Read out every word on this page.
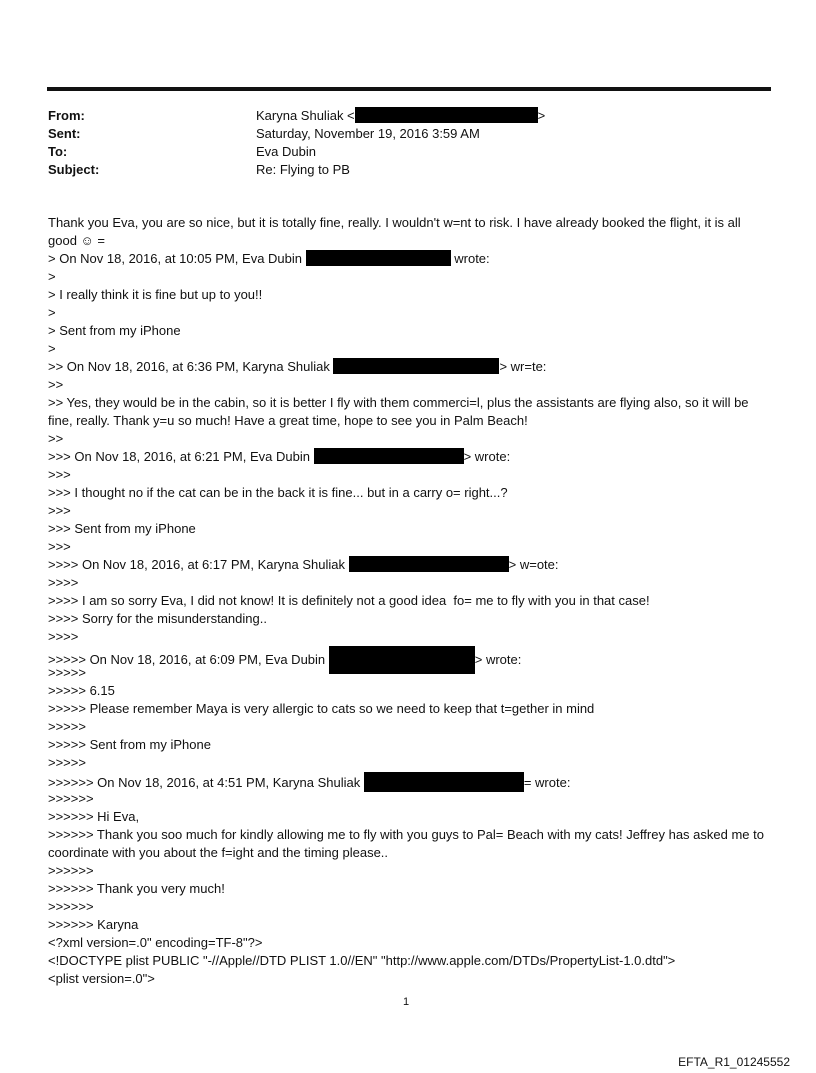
From:	Karyna Shuliak <	>
Sent:	Saturday, November 19, 2016 3:59 AM
To:	Eva Dubin
Subject:	Re: Flying to PB
Thank you Eva, you are so nice, but it is totally fine, really. I wouldn't w=nt to risk. I have already booked the flight, it is all good ☺ =
> On Nov 18, 2016, at 10:05 PM, Eva Dubin	wrote:
>
> I really think it is fine but up to you!!
>
> Sent from my iPhone
>
>> On Nov 18, 2016, at 6:36 PM, Karyna Shuliak	> wr=te:
>>
>> Yes, they would be in the cabin, so it is better I fly with them commerci=l, plus the assistants are flying also, so it will be fine, really. Thank y=u so much! Have a great time, hope to see you in Palm Beach!
>>
>>> On Nov 18, 2016, at 6:21 PM, Eva Dubin	> wrote:
>>>
>>> I thought no if the cat can be in the back it is fine... but in a carry o= right...?
>>>
>>> Sent from my iPhone
>>>
>>>> On Nov 18, 2016, at 6:17 PM, Karyna Shuliak	> w=ote:
>>>>
>>>> I am so sorry Eva, I did not know! It is definitely not a good idea  fo= me to fly with you in that case!
>>>> Sorry for the misunderstanding..
>>>>
>>>>> On Nov 18, 2016, at 6:09 PM, Eva Dubin	> wrote:
>>>>>
>>>>> 6.15
>>>>> Please remember Maya is very allergic to cats so we need to keep that t=gether in mind
>>>>>
>>>>> Sent from my iPhone
>>>>>
>>>>>> On Nov 18, 2016, at 4:51 PM, Karyna Shuliak	= wrote:
>>>>>>
>>>>>> Hi Eva,
>>>>>> Thank you soo much for kindly allowing me to fly with you guys to Pal= Beach with my cats! Jeffrey has asked me to coordinate with you about the f=ight and the timing please..
>>>>>>
>>>>>> Thank you very much!
>>>>>>
>>>>>> Karyna
<?xml version=.0" encoding=TF-8"?>
<!DOCTYPE plist PUBLIC "-//Apple//DTD PLIST 1.0//EN" "http://www.apple.com/DTDs/PropertyList-1.0.dtd">
<plist version=.0">
1
EFTA_R1_01245552
